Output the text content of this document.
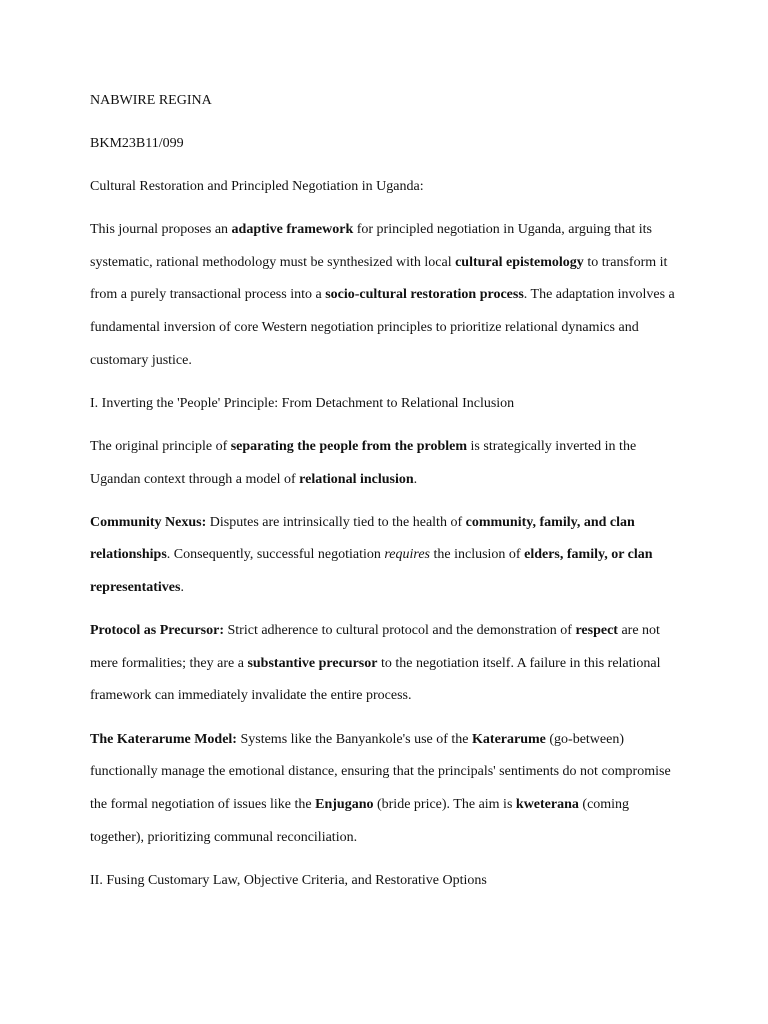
NABWIRE REGINA
BKM23B11/099
Cultural Restoration and Principled Negotiation in Uganda:
This journal proposes an adaptive framework for principled negotiation in Uganda, arguing that its
systematic, rational methodology must be synthesized with local cultural epistemology to transform it
from a purely transactional process into a socio-cultural restoration process. The adaptation involves a
fundamental inversion of core Western negotiation principles to prioritize relational dynamics and
customary justice.
I. Inverting the 'People' Principle: From Detachment to Relational Inclusion
The original principle of separating the people from the problem is strategically inverted in the
Ugandan context through a model of relational inclusion.
Community Nexus: Disputes are intrinsically tied to the health of community, family, and clan
relationships. Consequently, successful negotiation requires the inclusion of elders, family, or clan
representatives.
Protocol as Precursor: Strict adherence to cultural protocol and the demonstration of respect are not
mere formalities; they are a substantive precursor to the negotiation itself. A failure in this relational
framework can immediately invalidate the entire process.
The Katerarume Model: Systems like the Banyankole's use of the Katerarume (go-between)
functionally manage the emotional distance, ensuring that the principals' sentiments do not compromise
the formal negotiation of issues like the Enjugano (bride price). The aim is kweterana (coming
together), prioritizing communal reconciliation.
II. Fusing Customary Law, Objective Criteria, and Restorative Options
